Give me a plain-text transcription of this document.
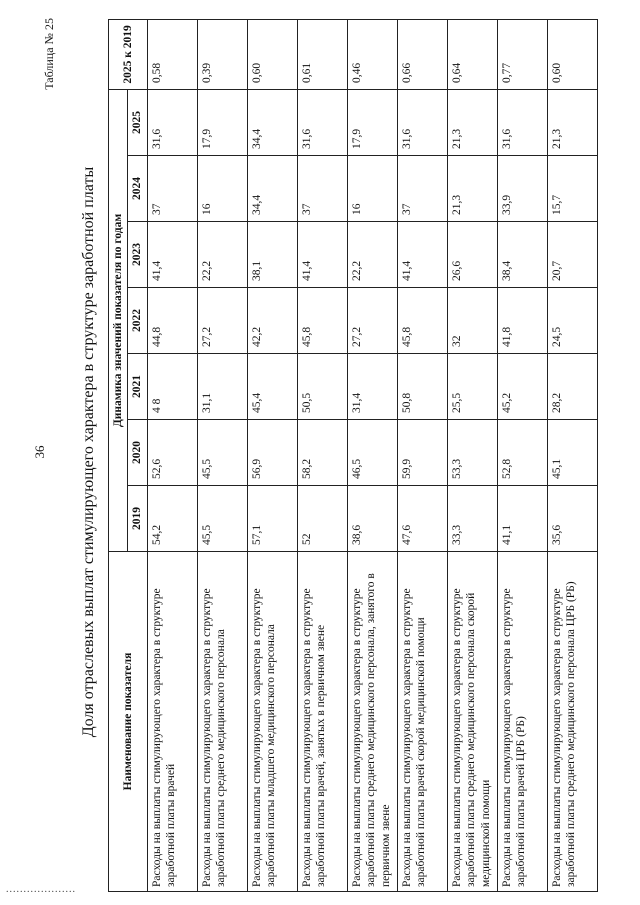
36
Таблица № 25
Доля отраслевых выплат стимулирующего характера в структуре заработной платы Наименование показателя	Динамика значений показателя по годам							2025 к 2019
	2019	2020	2021	2022	2023	2024	2025	
Расходы на выплаты стимулирующего характера в структуре заработной платы врачей	54,2	52,6	4 8	44,8	41,4	37	31,6	0,58
Расходы на выплаты стимулирующего характера в структуре заработной платы среднего медицинского персонала	45,5	45,5	31,1	27,2	22,2	16	17,9	0,39
Расходы на выплаты стимулирующего характера в структуре заработной платы младшего медицинского персонала	57,1	56,9	45,4	42,2	38,1	34,4	34,4	0,60
Расходы на выплаты стимулирующего характера в структуре заработной платы врачей, занятых в первичном звене	52	58,2	50,5	45,8	41,4	37	31,6	0,61
Расходы на выплаты стимулирующего характера в структуре заработной платы среднего медицинского персонала, занятого в первичном звене	38,6	46,5	31,4	27,2	22,2	16	17,9	0,46
Расходы на выплаты стимулирующего характера в структуре заработной платы врачей скорой медицинской помощи	47,6	59,9	50,8	45,8	41,4	37	31,6	0,66
Расходы на выплаты стимулирующего характера в структуре заработной платы среднего медицинского персонала скорой медицинской помощи	33,3	53,3	25,5	32	26,6	21,3	21,3	0,64
Расходы на выплаты стимулирующего характера в структуре заработной платы врачей ЦРБ (РБ)	41,1	52,8	45,2	41,8	38,4	33,9	31,6	0,77
Расходы на выплаты стимулирующего характера в структуре заработной платы среднего медицинского персонала ЦРБ (РБ)	35,6	45,1	28,2	24,5	20,7	15,7	21,3	0,60
....................
